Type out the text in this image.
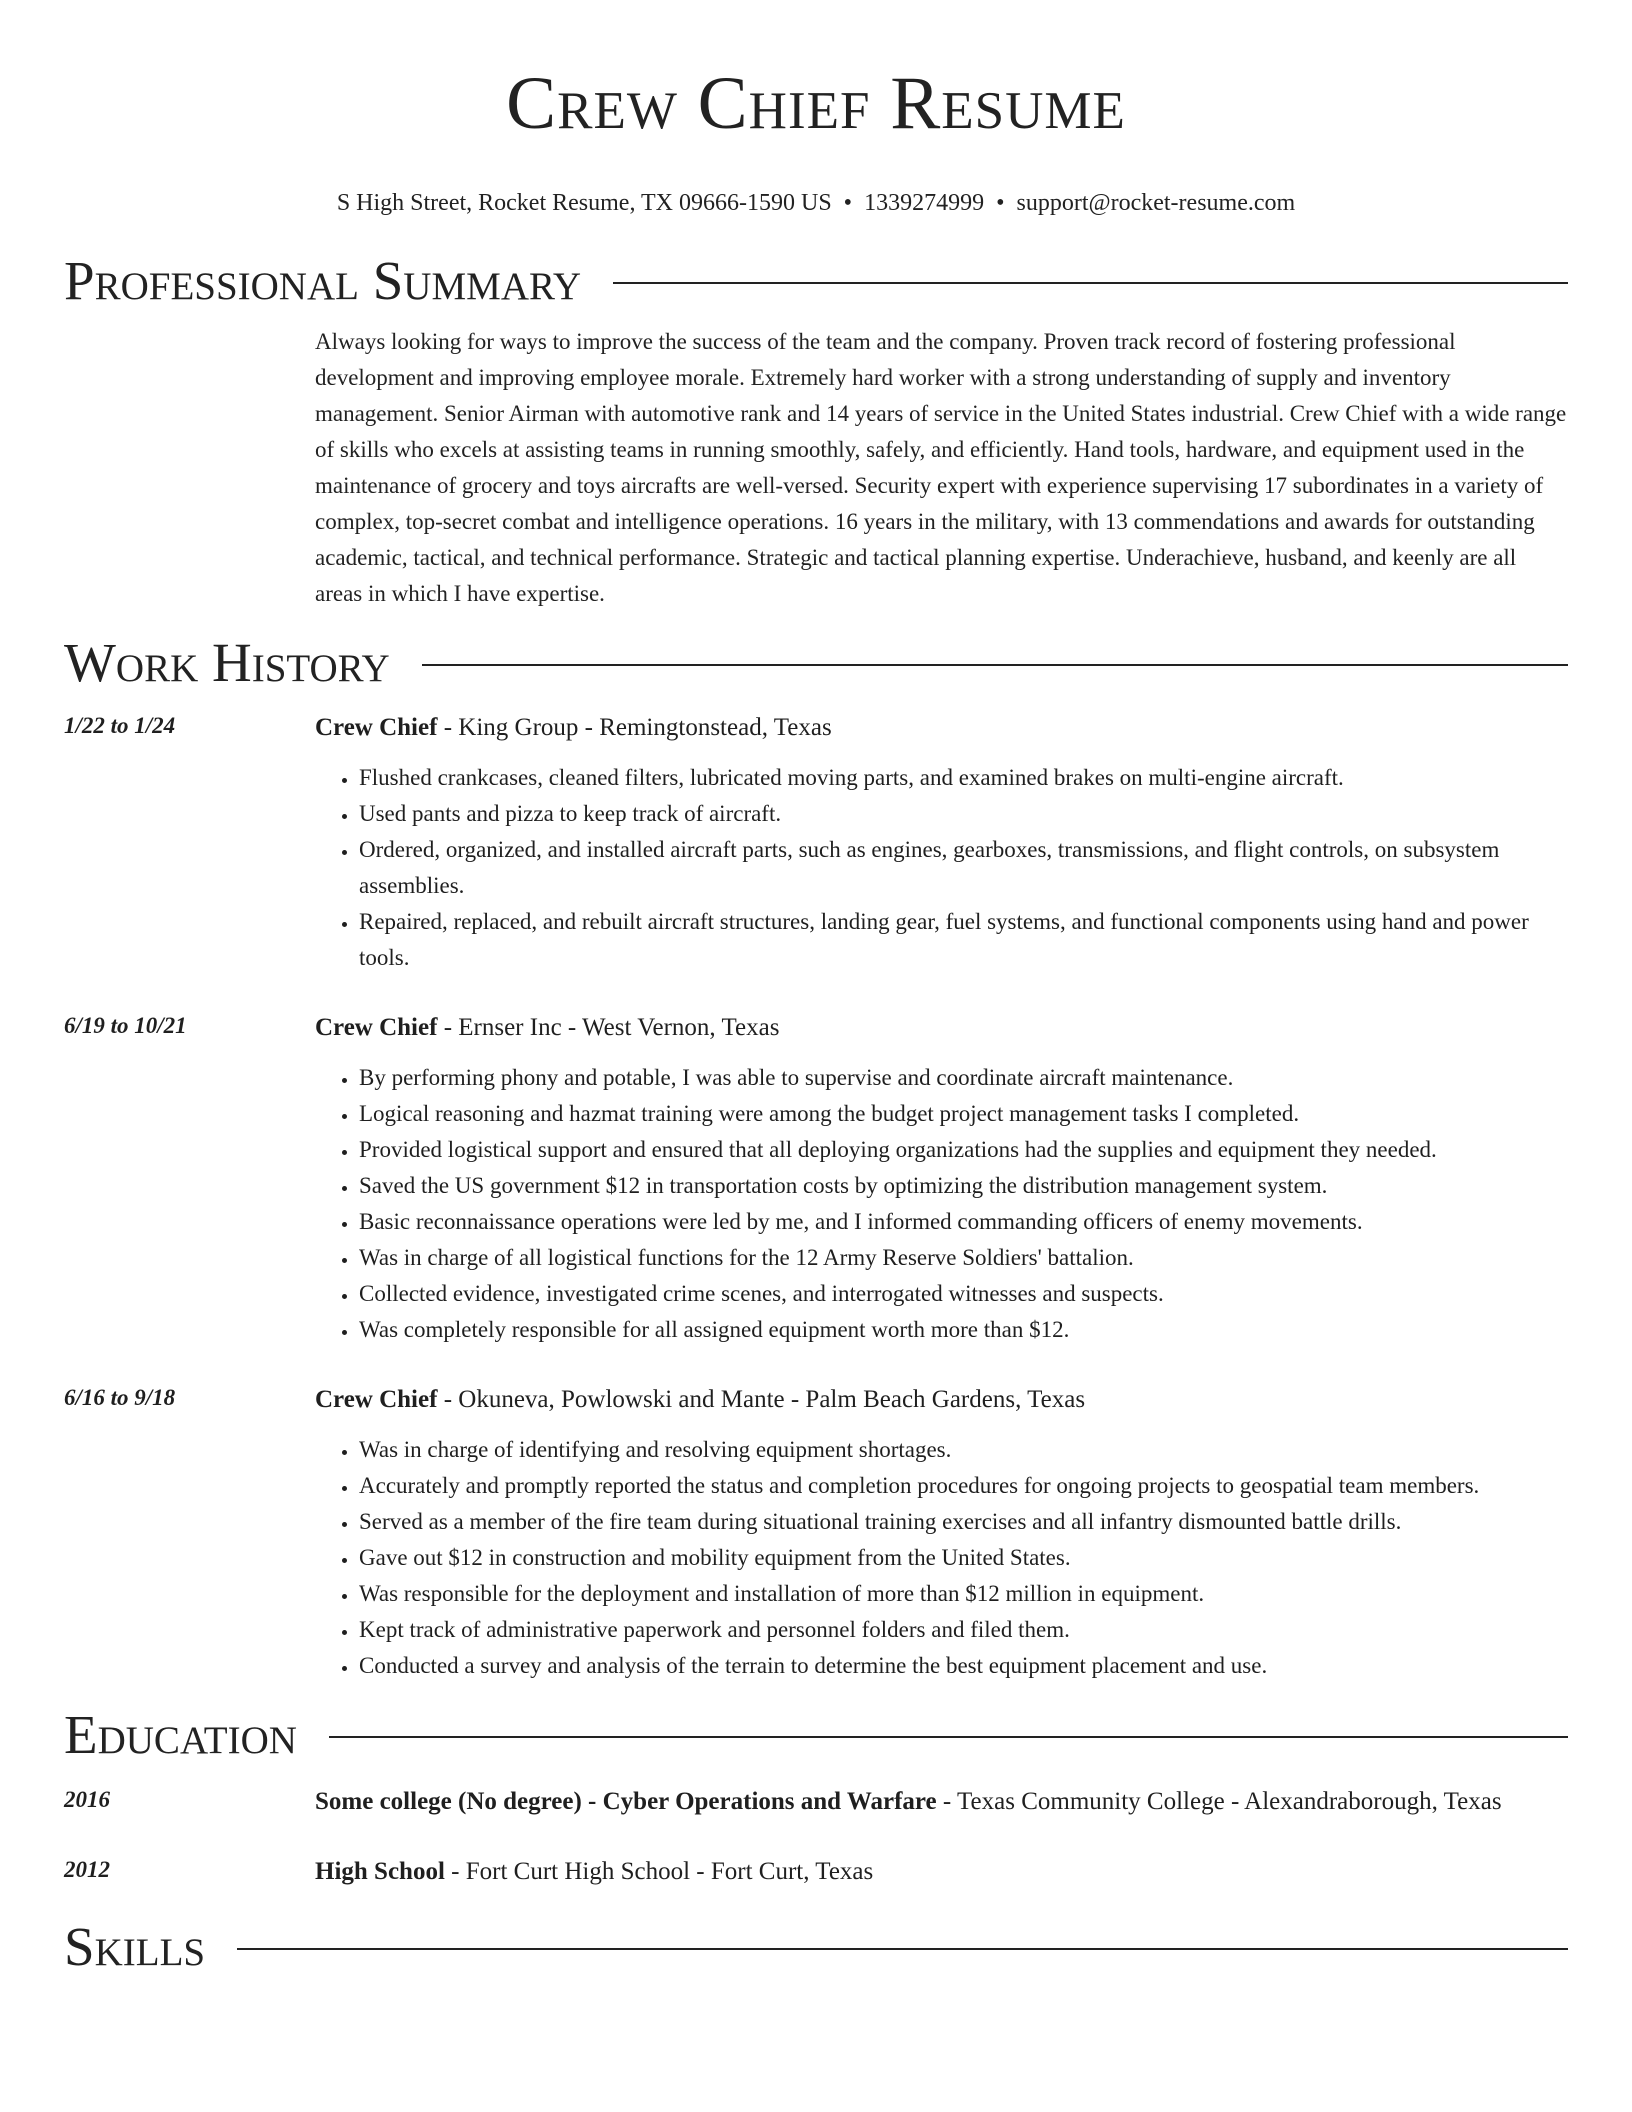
Crew Chief Resume
S High Street, Rocket Resume, TX 09666-1590 US • 1339274999 • support@rocket-resume.com
Professional Summary
Always looking for ways to improve the success of the team and the company. Proven track record of fostering professional development and improving employee morale. Extremely hard worker with a strong understanding of supply and inventory management. Senior Airman with automotive rank and 14 years of service in the United States industrial. Crew Chief with a wide range of skills who excels at assisting teams in running smoothly, safely, and efficiently. Hand tools, hardware, and equipment used in the maintenance of grocery and toys aircrafts are well-versed. Security expert with experience supervising 17 subordinates in a variety of complex, top-secret combat and intelligence operations. 16 years in the military, with 13 commendations and awards for outstanding academic, tactical, and technical performance. Strategic and tactical planning expertise. Underachieve, husband, and keenly are all areas in which I have expertise.
Work History
1/22 to 1/24	Crew Chief - King Group - Remingtonstead, Texas
• Flushed crankcases, cleaned filters, lubricated moving parts, and examined brakes on multi-engine aircraft.
• Used pants and pizza to keep track of aircraft.
• Ordered, organized, and installed aircraft parts, such as engines, gearboxes, transmissions, and flight controls, on subsystem assemblies.
• Repaired, replaced, and rebuilt aircraft structures, landing gear, fuel systems, and functional components using hand and power tools.
6/19 to 10/21	Crew Chief - Ernser Inc - West Vernon, Texas
• By performing phony and potable, I was able to supervise and coordinate aircraft maintenance.
• Logical reasoning and hazmat training were among the budget project management tasks I completed.
• Provided logistical support and ensured that all deploying organizations had the supplies and equipment they needed.
• Saved the US government $12 in transportation costs by optimizing the distribution management system.
• Basic reconnaissance operations were led by me, and I informed commanding officers of enemy movements.
• Was in charge of all logistical functions for the 12 Army Reserve Soldiers' battalion.
• Collected evidence, investigated crime scenes, and interrogated witnesses and suspects.
• Was completely responsible for all assigned equipment worth more than $12.
6/16 to 9/18	Crew Chief - Okuneva, Powlowski and Mante - Palm Beach Gardens, Texas
• Was in charge of identifying and resolving equipment shortages.
• Accurately and promptly reported the status and completion procedures for ongoing projects to geospatial team members.
• Served as a member of the fire team during situational training exercises and all infantry dismounted battle drills.
• Gave out $12 in construction and mobility equipment from the United States.
• Was responsible for the deployment and installation of more than $12 million in equipment.
• Kept track of administrative paperwork and personnel folders and filed them.
• Conducted a survey and analysis of the terrain to determine the best equipment placement and use.
Education
2016	Some college (No degree) - Cyber Operations and Warfare - Texas Community College - Alexandraborough, Texas
2012	High School - Fort Curt High School - Fort Curt, Texas
Skills
